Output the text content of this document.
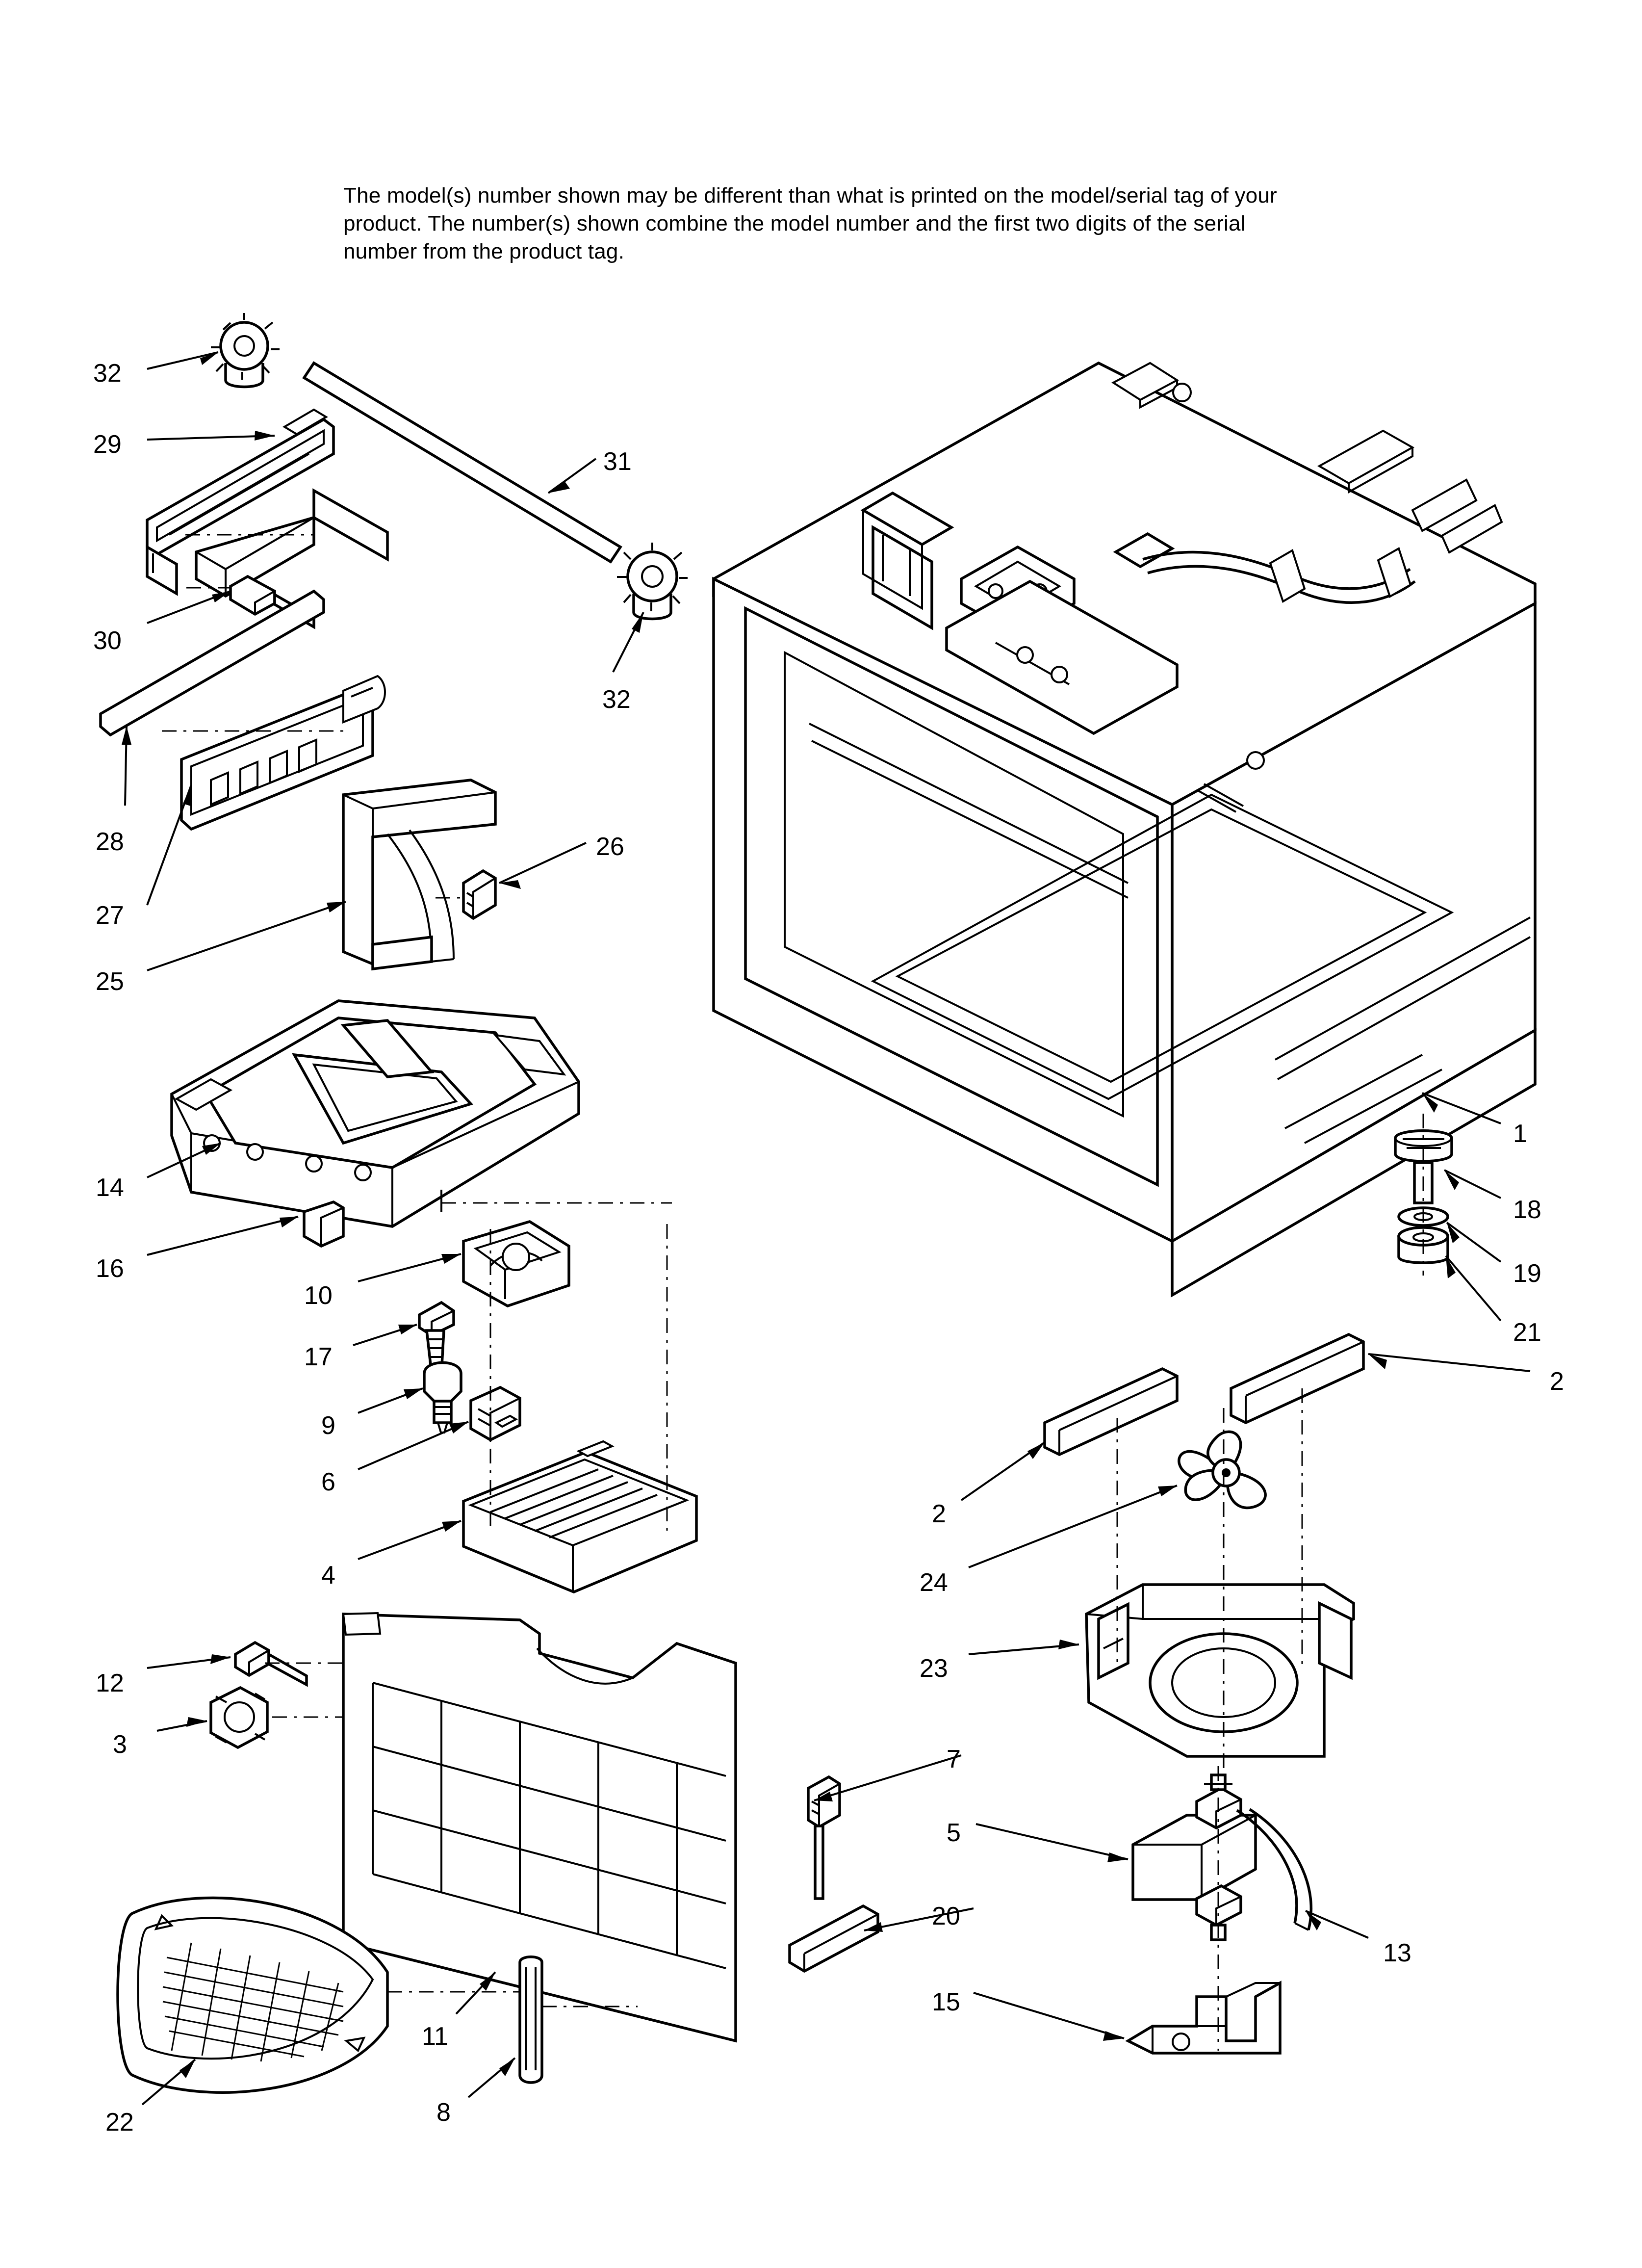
The model(s) number shown may be different than what is printed on the model/serial tag of your product. The number(s) shown combine the model number and the first two digits of the serial number from the product tag.
32
29
31
30
32
28
27
26
25
1
18
14
19
16
21
10
17
2
9
6
2
4	24
23
12
3
7
5
20
13
15
11
8
22
